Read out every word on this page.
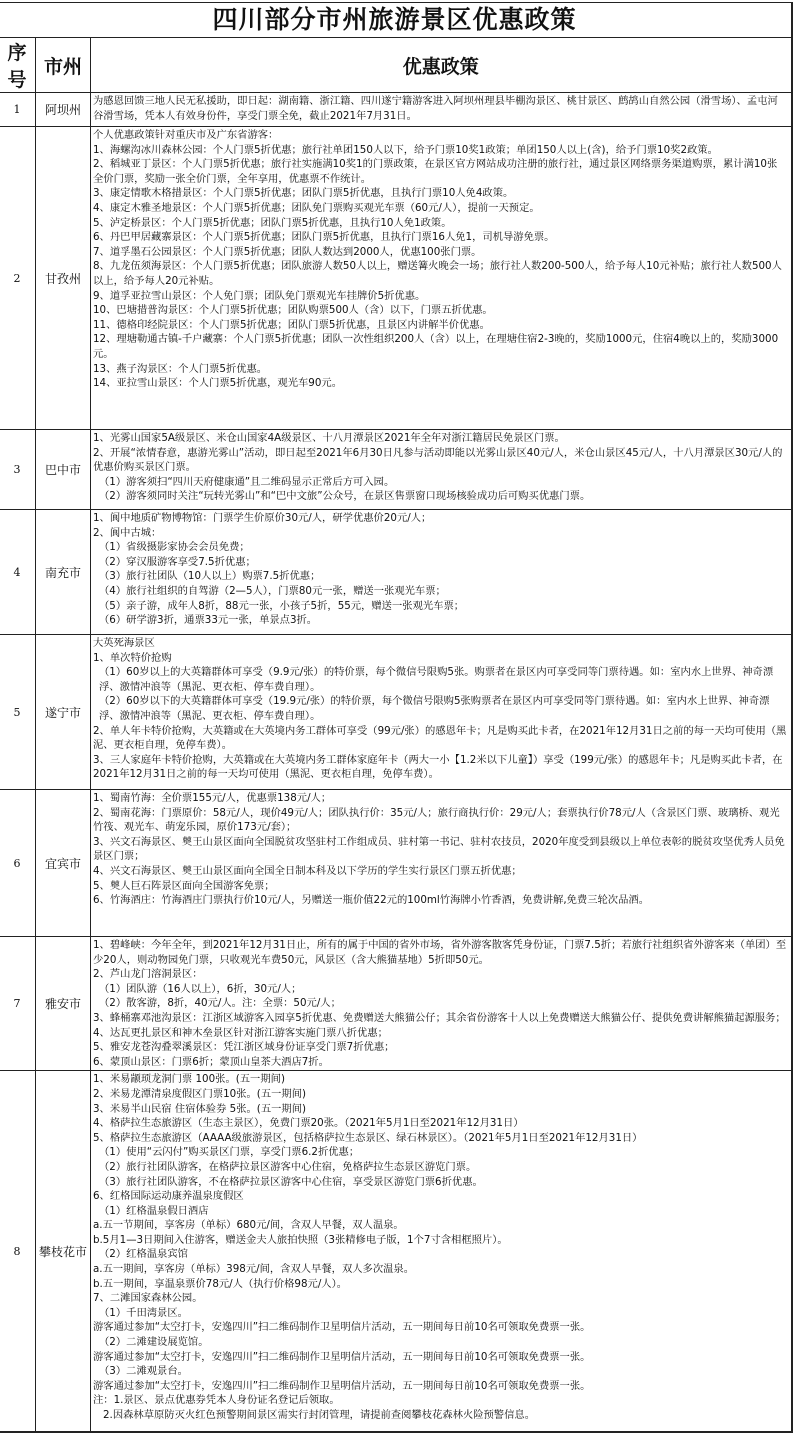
四川部分市州旅游景区优惠政策		
序号	市州	优惠政策
1	阿坝州	为感恩回馈三地人民无私援助，即日起：湖南籍、浙江籍、四川遂宁籍游客进入阿坝州理县毕棚沟景区、桃甘景区、鹧鸪山自然公园（滑雪场）、孟屯河谷滑雪场，凭本人有效身份件，享受门票全免，截止2021年7月31日。

2	甘孜州	
个人优惠政策针对重庆市及广东省游客：
1、海螺沟冰川森林公园：个人门票5折优惠；旅行社单团150人以下，给予门票10奖1政策；单团150人以上(含)，给予门票10奖2政策。
2、稻城亚丁景区：个人门票5折优惠；旅行社实施满10奖1的门票政策，在景区官方网站成功注册的旅行社，通过景区网络票务渠道购票，累计满10张全价门票，奖励一张全价门票，全年享用，优惠票不作统计。
3、康定情歌木格措景区：个人门票5折优惠；团队门票5折优惠，且执行门票10人免4政策。
4、康定木雅圣地景区：个人门票5折优惠；团队免门票购买观光车票（60元/人），提前一天预定。
5、泸定桥景区：个人门票5折优惠；团队门票5折优惠，且执行10人免1政策。
6、丹巴甲居藏寨景区：个人门票5折优惠；团队门票5折优惠，且执行门票16人免1，司机导游免票。
7、道孚墨石公园景区：个人门票5折优惠；团队人数达到2000人，优惠100张门票。
8、九龙伍须海景区：个人门票5折优惠；团队旅游人数50人以上，赠送篝火晚会一场；旅行社人数200-500人，给予每人10元补贴；旅行社人数500人以上，给予每人20元补贴。
9、道孚亚拉雪山景区：个人免门票；团队免门票观光车挂牌价5折优惠。
10、巴塘措普沟景区：个人门票5折优惠；团队购票500人（含）以下，门票五折优惠。
11、德格印经院景区：个人门票5折优惠；团队门票5折优惠，且景区内讲解半价优惠。
12、理塘勒通古镇-千户藏寨：个人门票5折优惠；团队一次性组织200人（含）以上，在理塘住宿2-3晚的，奖励1000元，住宿4晚以上的，奖励3000元。
13、燕子沟景区：个人门票5折优惠。
14、亚拉雪山景区：个人门票5折优惠，观光车90元。

3	巴中市	1、光雾山国家5A级景区、米仓山国家4A级景区、十八月潭景区2021年全年对浙江籍居民免景区门票。
2、开展“浓情春意，惠游光雾山”活动，即日起至2021年6月30日凡参与活动即能以光雾山景区40元/人，米仓山景区45元/人，十八月潭景区30元/人的优惠价购买景区门票。
（1）游客须扫“四川天府健康通”且二维码显示正常后方可入园。
（2）游客须同时关注“玩转光雾山”和“巴中文旅”公众号，在景区售票窗口现场核验成功后可购买优惠门票。

4	南充市	
1、阆中地质矿物博物馆：门票学生价原价30元/人，研学优惠价20元/人；
2、阆中古城：
（1）省级摄影家协会会员免费；
（2）穿汉服游客享受7.5折优惠；
（3）旅行社团队（10人以上）购票7.5折优惠；
（4）旅行社组织的自驾游（2—5人），门票80元一张，赠送一张观光车票；
（5）亲子游，成年人8折，88元一张，小孩子5折，55元，赠送一张观光车票；
（6）研学游3折，通票33元一张，单景点3折。

5	遂宁市	
大英死海景区
1、单次特价抢购
（1）60岁以上的大英籍群体可享受（9.9元/张）的特价票，每个微信号限购5张。购票者在景区内可享受同等门票待遇。如：室内水上世界、神奇漂浮、激情冲浪等（黑泥、更衣柜、停车费自理）。
（2）60岁以下的大英籍群体可享受（19.9元/张）的特价票，每个微信号限购5张购票者在景区内可享受同等门票待遇。如：室内水上世界、神奇漂浮、激情冲浪等（黑泥、更衣柜、停车费自理）。
2、单人年卡特价抢购，大英籍或在大英境内务工群体可享受（99元/张）的感恩年卡；凡是购买此卡者，在2021年12月31日之前的每一天均可使用（黑泥、更衣柜自理，免停车费）。
3、三人家庭年卡特价抢购，大英籍或在大英境内务工群体家庭年卡（两大一小【1.2米以下儿童】）享受（199元/张）的感恩年卡；凡是购买此卡者，在2021年12月31日之前的每一天均可使用（黑泥、更衣柜自理，免停车费）。

6	宜宾市	
1、蜀南竹海：全价票155元/人，优惠票138元/人；
2、蜀南花海：门票原价：58元/人，现价49元/人；团队执行价：35元/人；旅行商执行价：29元/人；套票执行价78元/人（含景区门票、玻璃桥、观光竹筏、观光车、萌宠乐园，原价173元/套）；
3、兴文石海景区、僰王山景区面向全国脱贫攻坚驻村工作组成员、驻村第一书记、驻村农技员，2020年度受到县级以上单位表彰的脱贫攻坚优秀人员免景区门票；
4、兴文石海景区、僰王山景区面向全国全日制本科及以下学历的学生实行景区门票五折优惠；
5、僰人巨石阵景区面向全国游客免票；
6、竹海酒庄：竹海酒庄门票执行价10元/人，另赠送一瓶价值22元的100ml竹海牌小竹香酒，免费讲解,免费三轮次品酒。

7	雅安市	
1、碧峰峡：今年全年，到2021年12月31日止，所有的属于中国的省外市场，省外游客散客凭身份证，门票7.5折；若旅行社组织省外游客来（单团）至少20人，则动物园免门票，只收观光车费50元，风景区（含大熊猫基地）5折即50元。
2、芦山龙门溶洞景区：
（1）团队游（16人以上），6折，30元/人；
（2）散客游，8折，40元/人。注：全票：50元/人；
3、蜂桶寨邓池沟景区：江浙区域游客入园享5折优惠、免费赠送大熊猫公仔；其余省份游客十人以上免费赠送大熊猫公仔、提供免费讲解熊猫起源服务；
4、达瓦更扎景区和神木垒景区针对浙江游客实施门票八折优惠；
5、雅安龙苍沟叠翠溪景区：凭江浙区域身份证享受门票7折优惠；
6、蒙顶山景区：门票6折；蒙顶山皇茶大酒店7折。

8	攀枝花市	
1、米易颛顼龙洞门票 100张。(五一期间)
2、米易龙潭清泉度假区门票10张。(五一期间)
3、米易半山民宿 住宿体验券 5张。(五一期间)
4、格萨拉生态旅游区（生态主景区），免费门票20张。（2021年5月1日至2021年12月31日）
5、格萨拉生态旅游区（AAAA级旅游景区，包括格萨拉生态景区、绿石林景区）。（2021年5月1日至2021年12月31日）
（1）使用“云闪付”购买景区门票，享受门票6.2折优惠；
（2）旅行社团队游客，在格萨拉景区游客中心住宿，免格萨拉生态景区游览门票。
（3）旅行社团队游客，不在格萨拉景区游客中心住宿，享受景区游览门票6折优惠。
6、红格国际运动康养温泉度假区
（1）红格温泉假日酒店
a.五一节期间，享客房（单标）680元/间，含双人早餐，双人温泉。
b.5月1—3日期间入住游客，赠送金夫人旅拍快照（3张精修电子版，1个7寸含相框照片）。
（2）红格温泉宾馆
a.五一期间，享客房（单标）398元/间，含双人早餐，双人多次温泉。
b.五一期间，享温泉票价78元/人（执行价格98元/人）。
7、二滩国家森林公园。
（1）千田湾景区。
游客通过参加“太空打卡，安逸四川”扫二维码制作卫星明信片活动，五一期间每日前10名可领取免费票一张。
（2）二滩建设展览馆。
游客通过参加“太空打卡，安逸四川”扫二维码制作卫星明信片活动，五一期间每日前10名可领取免费票一张。
（3）二滩观景台。
游客通过参加“太空打卡，安逸四川”扫二维码制作卫星明信片活动，五一期间每日前10名可领取免费票一张。
注：1.景区、景点优惠券凭本人身份证名登记后领取。
2.因森林草原防灭火红色预警期间景区需实行封闭管理，请提前查阅攀枝花森林火险预警信息。
